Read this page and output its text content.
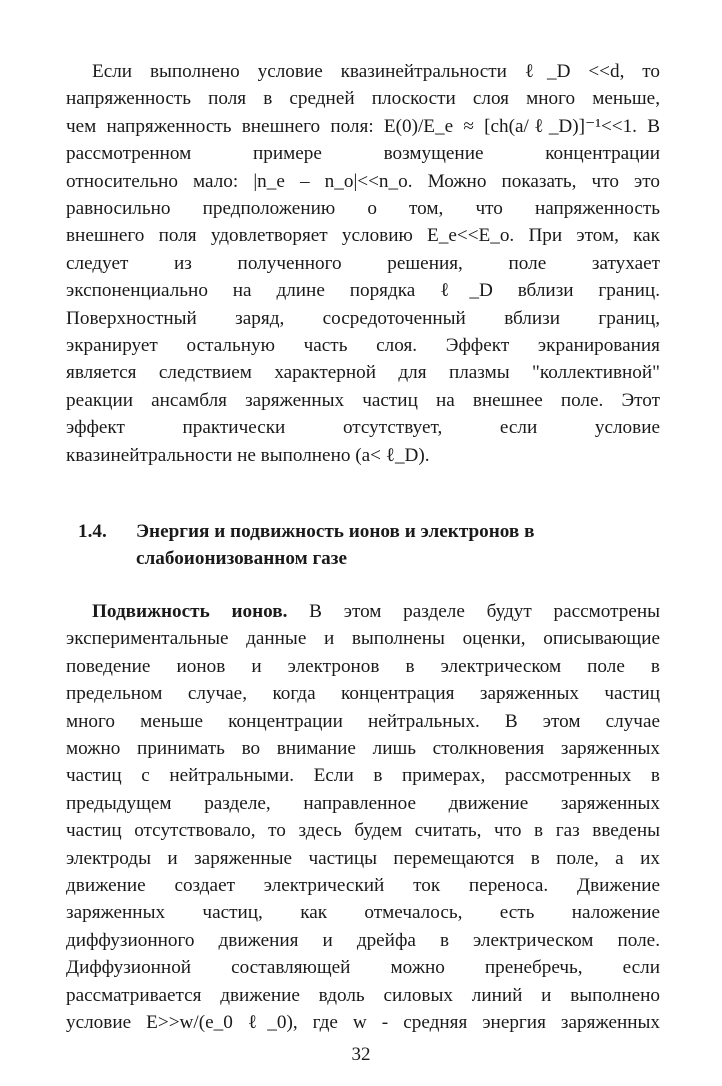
Если выполнено условие квазинейтральности ℓ_D <<d, то
напряженность поля в средней плоскости слоя много меньше,
чем напряженность внешнего поля: E(0)/E_e ≈ [ch(a/ℓ_D)]⁻¹<<1. В
рассмотренном примере возмущение концентрации
относительно мало: |n_e – n_o|<<n_o. Можно показать, что это
равносильно предположению о том, что напряженность
внешнего поля удовлетворяет условию E_e<<E_o. При этом, как
следует из полученного решения, поле затухает
экспоненциально на длине порядка ℓ_D вблизи границ.
Поверхностный заряд, сосредоточенный вблизи границ,
экранирует остальную часть слоя. Эффект экранирования
является следствием характерной для плазмы "коллективной"
реакции ансамбля заряженных частиц на внешнее поле. Этот
эффект практически отсутствует, если условие
квазинейтральности не выполнено (a< ℓ_D).
1.4. Энергия и подвижность ионов и электронов в
слабоионизованном газе
Подвижность ионов. В этом разделе будут рассмотрены
экспериментальные данные и выполнены оценки, описывающие
поведение ионов и электронов в электрическом поле в
предельном случае, когда концентрация заряженных частиц
много меньше концентрации нейтральных. В этом случае
можно принимать во внимание лишь столкновения заряженных
частиц с нейтральными. Если в примерах, рассмотренных в
предыдущем разделе, направленное движение заряженных
частиц отсутствовало, то здесь будем считать, что в газ введены
электроды и заряженные частицы перемещаются в поле, а их
движение создает электрический ток переноса. Движение
заряженных частиц, как отмечалось, есть наложение
диффузионного движения и дрейфа в электрическом поле.
Диффузионной составляющей можно пренебречь, если
рассматривается движение вдоль силовых линий и выполнено
условие E>>w/(e_0 ℓ_0), где w - средняя энергия заряженных
32
